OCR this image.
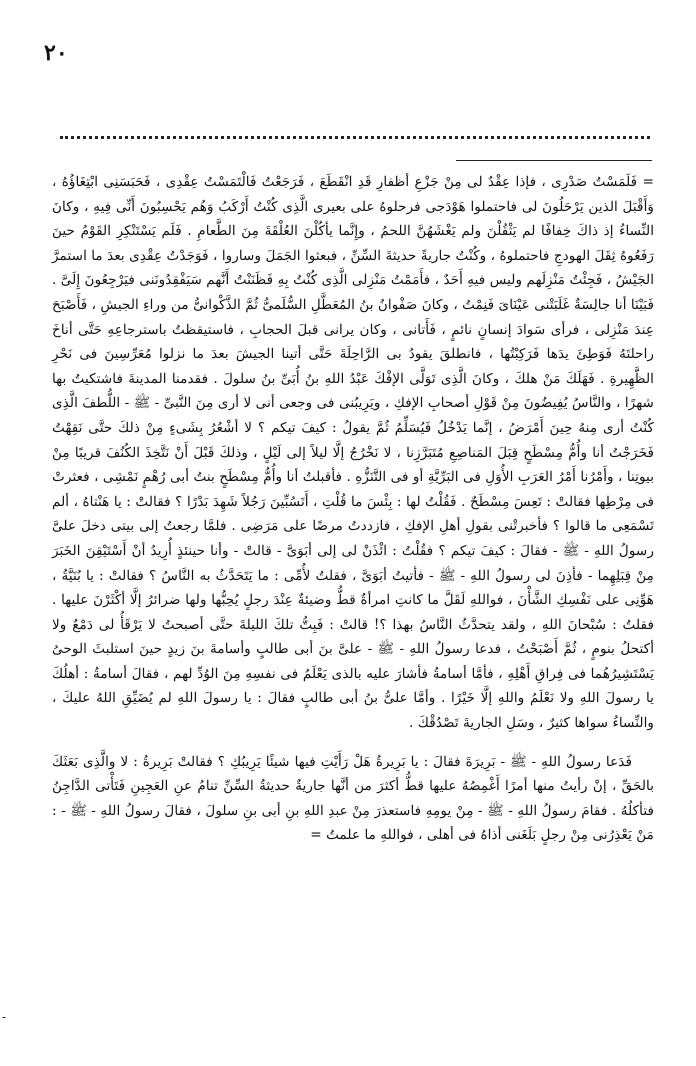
٢٠

= فَلَمَسْتُ صَدْرِى ، فإذا عِقْدٌ لى مِنْ جَزْعِ أظفارِ قَدِ انْقَطَعَ ، فَرَجَعْتُ فَالْتَمَسْتُ عِقْدِى ، فَحَبَسَنِى ابْتِغَاؤُهُ ، وَأَقْبَلَ الذين يَرْحَلُونَ لى فاحتملوا هَوْدَجى فرحلوهُ على بعيرى الَّذِى كُنْتُ أَرْكَبُ وَهُم يَحْسِبُونَ أَنِّى فِيهِ ، وكانَ النِّساءُ إذ ذاكَ خِفافًا لم يَثْقُلْنَ ولم يَغْشَهُنَّ اللحمُ ، وإِنَّما يأكُلْنَ العُلْقَةَ مِنَ الطَّعامِ . فَلَم يَسْتَنْكِرِ القَوْمُ حينَ رَفَعُوهُ ثِقَلَ الهودجِ فاحتملوهُ ، وكُنْتُ جاريةً حديثةَ السِّنِّ ، فبعثوا الجَمَلَ وساروا ، فَوَجَدْتُ عِقْدِى بعدَ ما استمرَّ الجَيْشُ ، فَجِئْتُ مَنْزِلَهم وليس فيهِ أَحَدٌ ، فأَمَمْتُ مَنْزِلى الَّذِى كُنْتُ بِهِ فَظَنَنْتُ أَنَّهم سَيَفْقِدُونَنى فيَرْجِعُونَ إِلَىَّ . فَبَيْنَا أنا جالِسَةٌ غَلَبَتْنى عَيْنَاىَ فَنِمْتُ ، وكانَ صَفْوانُ بنُ المُعَطَّلِ السُّلَمىُّ ثُمَّ الذَّكْوانىُّ من وراءِ الجيشِ ، فَأَصْبَحَ عِندَ مَنْزِلى ، فرأى سَوادَ إنسانٍ نائمٍ ، فَأَتانى ، وكان يرانى قبلَ الحجابِ ، فاستيقظتُ باسترجاعِهِ حَتَّى أناخَ راحلتَهُ فَوَطِئَ يدَها فَرَكِبْتُها ، فانطلقَ يقودُ بى الرَّاحِلَةَ حَتَّى أتينا الجيشَ بعدَ ما نزلوا مُعَرِّسِينَ فى نَحْرِ الظَّهِيرةِ . فَهَلَكَ مَنْ هلكَ ، وكانَ الَّذِى تَوَلَّى الإفْكَ عَبْدُ اللهِ بنُ أُبَىِّ بنُ سلولَ . فقدمنا المدينةَ فاشتكيتُ بها شهرًا ، والنَّاسُ يُفِيضُونَ مِنْ قَوْلِ أصحابِ الإفكِ ، ويَرِيبُنى فى وجعى أنى لا أرى مِنَ النَّبىِّ - ﷺ - اللُّطفَ الَّذِى كُنْتُ أرى مِنهُ حِينَ أَمْرَضُ ، إنَّما يَدْخُلُ فَيُسَلِّمُ ثُمَّ يقولُ : كيفَ تيكم ؟ لا أشْعُرُ بِشَىءٍ مِنْ ذلكَ حتَّى نَقِهْتُ فَخَرَجْتُ أنا وأُمُّ مِسْطَحٍ قِبَلَ المَناصِعِ مُتَبَرَّزِنا ، لا نَخْرُجُ إلَّا ليلاً إلى لَيْلٍ ، وذلكَ قَبْلَ أَنْ نَتَّخِذَ الكُنُفَ قريبًا مِنْ بيوتِنا ، وأَمْرُنا أَمْرُ العَرَبِ الأُوَلِ فى البَرِّيَّةِ أو فى التَّنَزُّهِ . فأقبلتُ أنا وأُمُّ مِسْطَحٍ بنتُ أبى رُهْمٍ نَمْشِى ، فعثرتْ فى مِرْطِها فقالتْ : تَعِسَ مِسْطَحٌ . فَقُلْتُ لها : بِئْسَ ما قُلْتِ ، أَتَسُبِّينَ رَجُلاً شَهِدَ بَدْرًا ؟ فقالتْ : يا هَنْتاهُ ، ألم تَسْمَعِى ما قالوا ؟ فأخبرتْنى بقولِ أهلِ الإفكِ ، فازددتُ مرضًا على مَرَضِى . فلمَّا رجعتُ إلى بيتى دخلَ علىَّ رسولُ اللهِ - ﷺ - فقالَ : كيفَ تيكم ؟ فقُلْتُ : ائْذَنْ لى إلى أبَوَىَّ - قالتْ - وأنا حينئذٍ أُرِيدُ أنْ أَسْتَيْقِنَ الخَبَرَ مِنْ قِبَلِهِما - فأذِنَ لى رسولُ اللهِ - ﷺ - فأتيتُ أبَوَىَّ ، فقلتُ لأُمِّى : ما يَتَحَدَّثُ به النَّاسُ ؟ فقالتْ : يا بُنَيَّةُ ، هَوِّنِى على نَفْسِكِ الشَّأْنَ ، فواللهِ لَقَلَّ ما كانتِ امرأةٌ قطُّ وضيئةٌ عِنْدَ رجلٍ يُحِبُّها ولها ضرائرُ إلَّا أكْثَرْنَ عليها . فقلتُ : سُبْحانَ اللهِ ، ولقد يتحدَّثُ النَّاسُ بهذا ؟! قالتْ : فَبِتُّ تلكَ الليلةَ حتَّى أصبحتُ لا يَرْقَأُ لى دَمْعٌ ولا أكتحلُ بنومٍ ، ثُمَّ أَصْبَحْتُ ، فدعا رسولُ اللهِ - ﷺ - علىَّ بنَ أبى طالبٍ وأسامةَ بنَ زيدٍ حينَ استلبثَ الوحىُ يَسْتَشِيرُهُما فى فِراقِ أَهْلِهِ ، فأمَّا أسامةُ فأشارَ عليه بالذى يَعْلَمُ فى نفسِهِ مِنَ الوُدِّ لهم ، فقالَ أسامةُ : أهلُكَ يا رسولَ اللهِ ولا نَعْلَمُ واللهِ إلَّا خَيْرًا . وأمَّا علىُّ بنُ أبى طالبٍ فقالَ : يا رسولَ اللهِ لم يُضَيِّقِ اللهُ عليكَ ، والنِّساءُ سواها كثيرٌ ، وسَلِ الجاريةَ تَصْدُقْكَ .

فَدَعا رسولُ اللهِ - ﷺ - بَرِيرَةَ فقالَ : يا بَرِيرةُ هَلْ رَأَيْتِ فيها شيئًا يَرِيبُكِ ؟ فقالتْ بَرِيرةُ : لا والَّذِى بَعَثَكَ بالحَقِّ ، إنْ رأيتُ منها أمرًا أَغْمِصُهُ عليها قطُّ أكثرَ من أنَّها جاريةٌ حديثةُ السِّنِّ تنامُ عنِ العَجِينِ فَتَأْتى الدَّاجِنُ فتأكلُهُ . فقامَ رسولُ اللهِ - ﷺ - مِنْ يومِهِ فاستعذرَ مِنْ عبدِ اللهِ بنِ أبى بنِ سلولَ ، فقالَ رسولُ اللهِ - ﷺ - : مَنْ يَعْذِرُنى مِنْ رجلٍ بَلَغَنى أذاهُ فى أهلى ، فواللهِ ما علمتُ =

-
